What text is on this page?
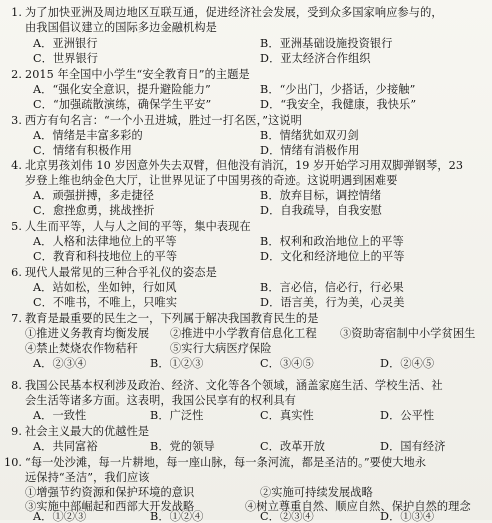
1. 为了加快亚洲及周边地区互联互通，促进经济社会发展，受到众多国家响应参与的，
由我国倡议建立的国际多边金融机构是
A．亚洲银行	B．亚洲基础设施投资银行
C．世界银行	D．亚太经济合作组织
2. 2015 年全国中小学生“安全教育日”的主题是
A．“强化安全意识，提升避险能力”	B．“少出门，少搭话，少接触”
C．“加强疏散演练，确保学生平安”	D．“我安全，我健康，我快乐”
3. 西方有句名言：“一个小丑进城，胜过一打名医，”这说明
A．情绪是丰富多彩的	B．情绪犹如双刃剑
C．情绪有积极作用	D．情绪有消极作用
4. 北京男孩刘伟 10 岁因意外失去双臂，但他没有消沉，19 岁开始学习用双脚弹钢琴，23
岁登上维也纳金色大厅，让世界见证了中国男孩的奇迹。这说明遇到困难要
A．顽强拼搏，多走捷径	B．放弃目标，调控情绪
C．愈挫愈勇，挑战挫折	D．自我疏导，自我安慰
5. 人生而平等，人与人之间的平等，集中表现在
A．人格和法律地位上的平等	B．权利和政治地位上的平等
C．教育和科技地位上的平等	D．文化和经济地位上的平等
6. 现代人最常见的三种合乎礼仪的姿态是
A．站如松，坐如钟，行如风	B．言必信，信必行，行必果
C．不唯书，不唯上，只唯实	D．语言美，行为美，心灵美
7. 教育是最重要的民生之一，下列属于解决我国教育民生的是
①推进义务教育均衡发展 ②推进中小学教育信息化工程 ③资助寄宿制中小学贫困生
④禁止焚烧农作物秸秆	⑤实行大病医疗保险
A．②③④	B．①②③	C．③④⑤	D．②④⑤
8. 我国公民基本权利涉及政治、经济、文化等各个领域，涵盖家庭生活、学校生活、社
会生活等诸多方面。这表明，我国公民享有的权利具有
A．一致性	B．广泛性	C．真实性	D．公平性
9. 社会主义最大的优越性是
A．共同富裕	B．党的领导	C．改革开放	D．国有经济
10. “每一处沙滩，每一片耕地，每一座山脉，每一条河流，都是圣洁的。”要使大地永
远保持“圣洁”，我们应该
①增强节约资源和保护环境的意识	②实施可持续发展战略
③实施中部崛起和西部大开发战略	④树立尊重自然、顺应自然、保护自然的理念
A．①②③	B．①②④	C．②③④	D．①③④
